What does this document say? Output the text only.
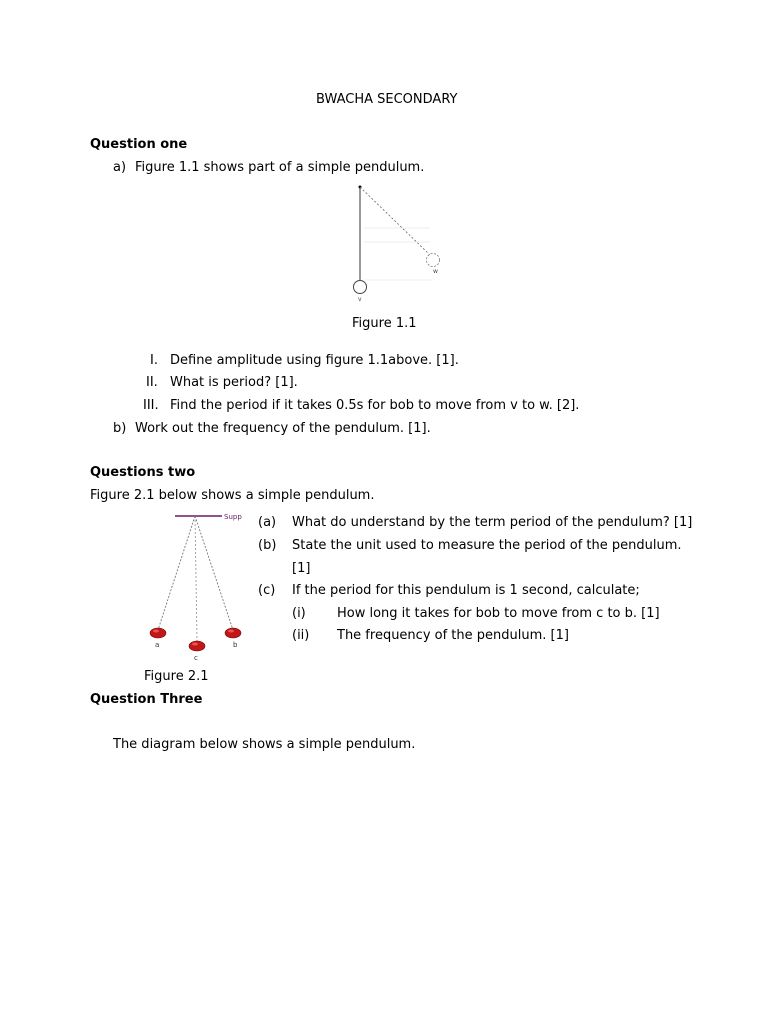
BWACHA SECONDARY
Question one
a) Figure 1.1 shows part of a simple pendulum.
v
w
Figure 1.1
I. Define amplitude using figure 1.1above. [1].
II. What is period? [1].
III. Find the period if it takes 0.5s for bob to move from v to w. [2].
b) Work out the frequency of the pendulum. [1].
Questions two
Figure 2.1 below shows a simple pendulum.
Supp
a
c
b
Figure 2.1
(a) What do understand by the term period of the pendulum? [1]
(b) State the unit used to measure the period of the pendulum.
[1]
(c) If the period for this pendulum is 1 second, calculate;
(i) How long it takes for bob to move from c to b. [1]
(ii) The frequency of the pendulum. [1]
Question Three
The diagram below shows a simple pendulum.
